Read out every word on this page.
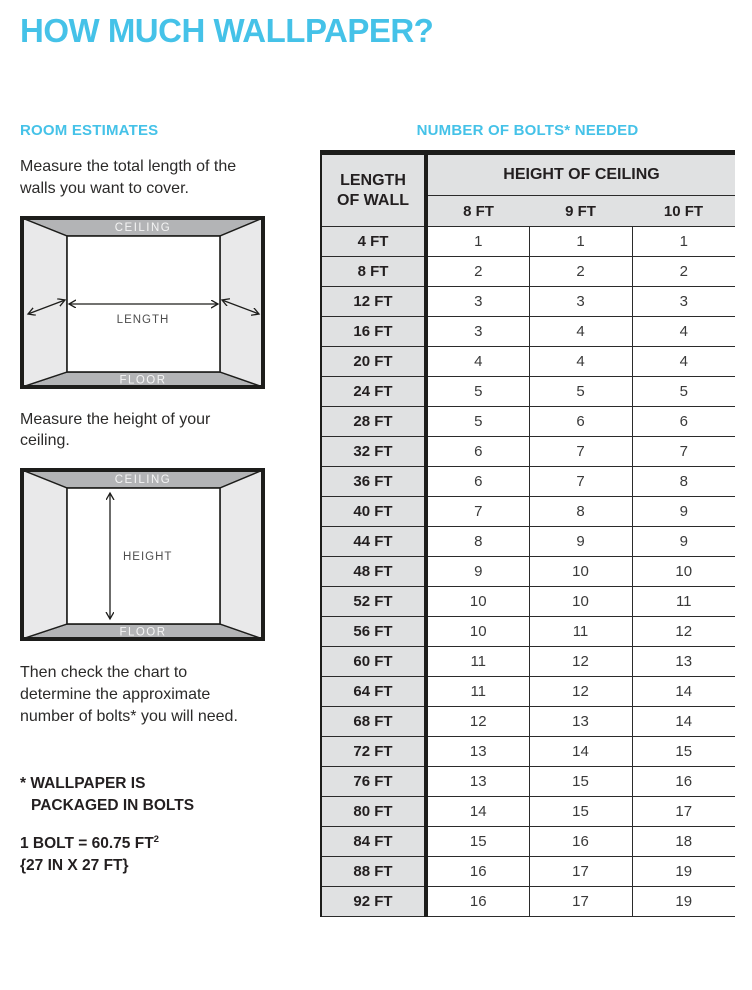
HOW MUCH WALLPAPER?
ROOM ESTIMATES

Measure the total length of the walls you want to cover.

CEILING
FLOOR
LENGTH

Measure the height of your ceiling.

CEILING
FLOOR
HEIGHT

Then check the chart to determine the approximate number of bolts* you will need.

* WALLPAPER IS
PACKAGED IN BOLTS

1 BOLT = 60.75 $FT^2$

{27 IN X 27 FT}

NUMBER OF BOLTS* NEEDED
LENGTH OF WALL	HEIGHT OF CEILING		
	8 FT	9 FT	10 FT
4 FT	1	1	1
8 FT	2	2	2
12 FT	3	3	3
16 FT	3	4	4
20 FT	4	4	4
24 FT	5	5	5
28 FT	5	6	6
32 FT	6	7	7
36 FT	6	7	8
40 FT	7	8	9
44 FT	8	9	9
48 FT	9	10	10
52 FT	10	10	11
56 FT	10	11	12
60 FT	11	12	13
64 FT	11	12	14
68 FT	12	13	14
72 FT	13	14	15
76 FT	13	15	16
80 FT	14	15	17
84 FT	15	16	18
88 FT	16	17	19
92 FT	16	17	19
